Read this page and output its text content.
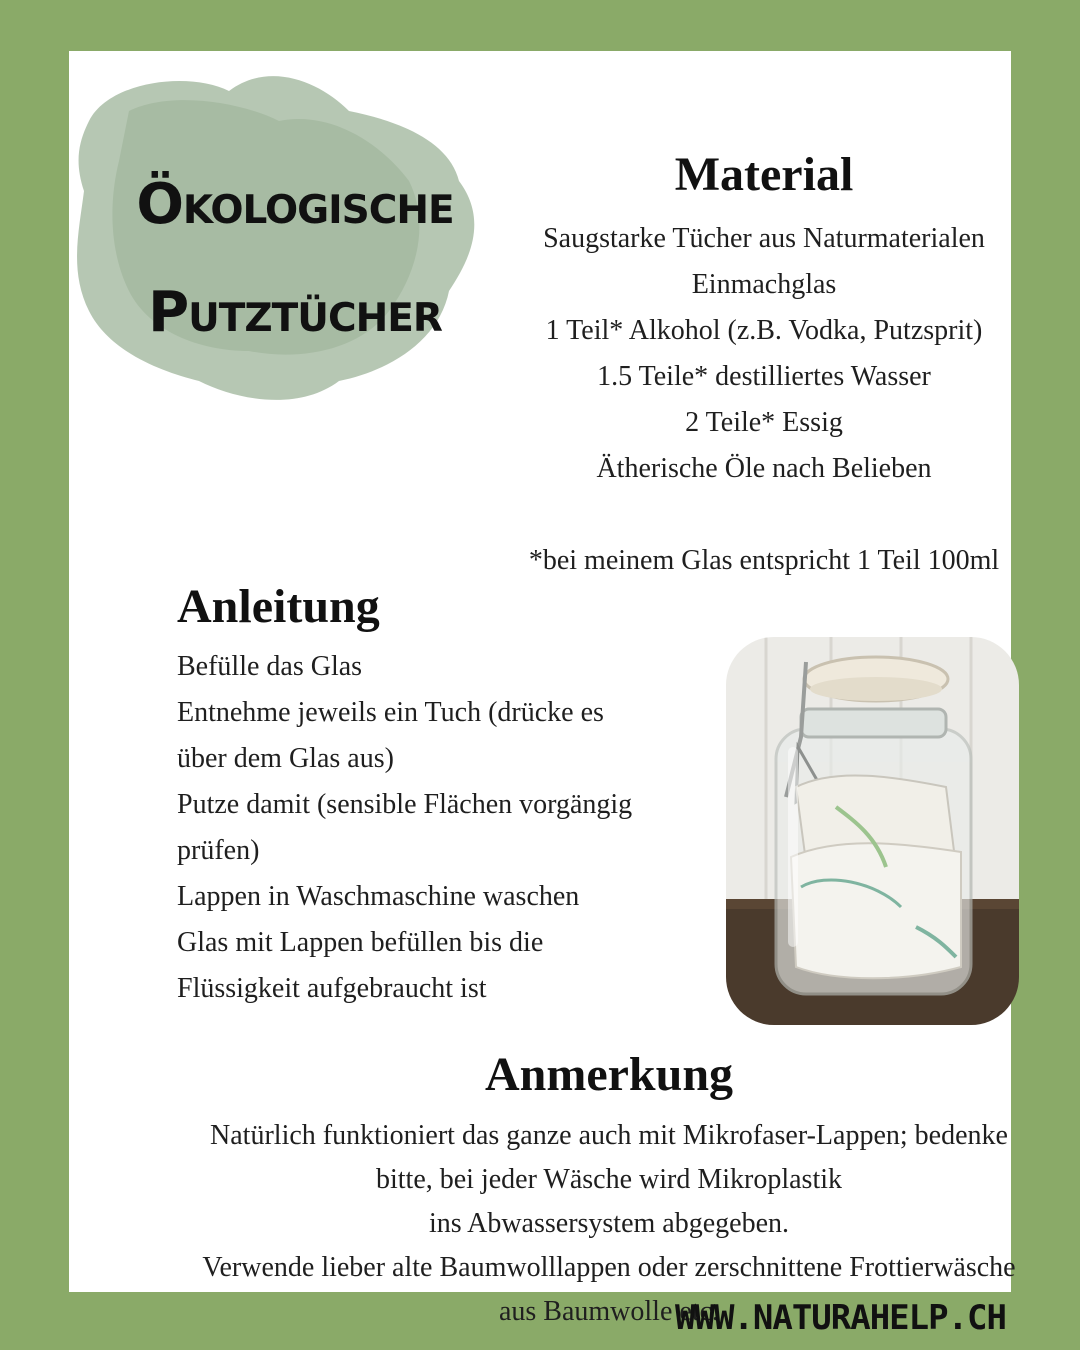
Ökologische
Putztücher
Material
Saugstarke Tücher aus Naturmaterialen
Einmachglas
1 Teil* Alkohol (z.B. Vodka, Putzsprit)
1.5 Teile* destilliertes Wasser
2 Teile* Essig
Ätherische Öle nach Belieben
*bei meinem Glas entspricht 1 Teil 100ml
Anleitung
Befülle das Glas
Entnehme jeweils ein Tuch (drücke es
über dem Glas aus)
Putze damit (sensible Flächen vorgängig
prüfen)
Lappen in Waschmaschine waschen
Glas mit Lappen befüllen bis die
Flüssigkeit aufgebraucht ist
Anmerkung
Natürlich funktioniert das ganze auch mit Mikrofaser-Lappen; bedenke
bitte, bei jeder Wäsche wird Mikroplastik
ins Abwassersystem abgegeben.
Verwende lieber alte Baumwolllappen oder zerschnittene Frottierwäsche
aus Baumwolle etc.
WWW.NATURAHELP.CH
